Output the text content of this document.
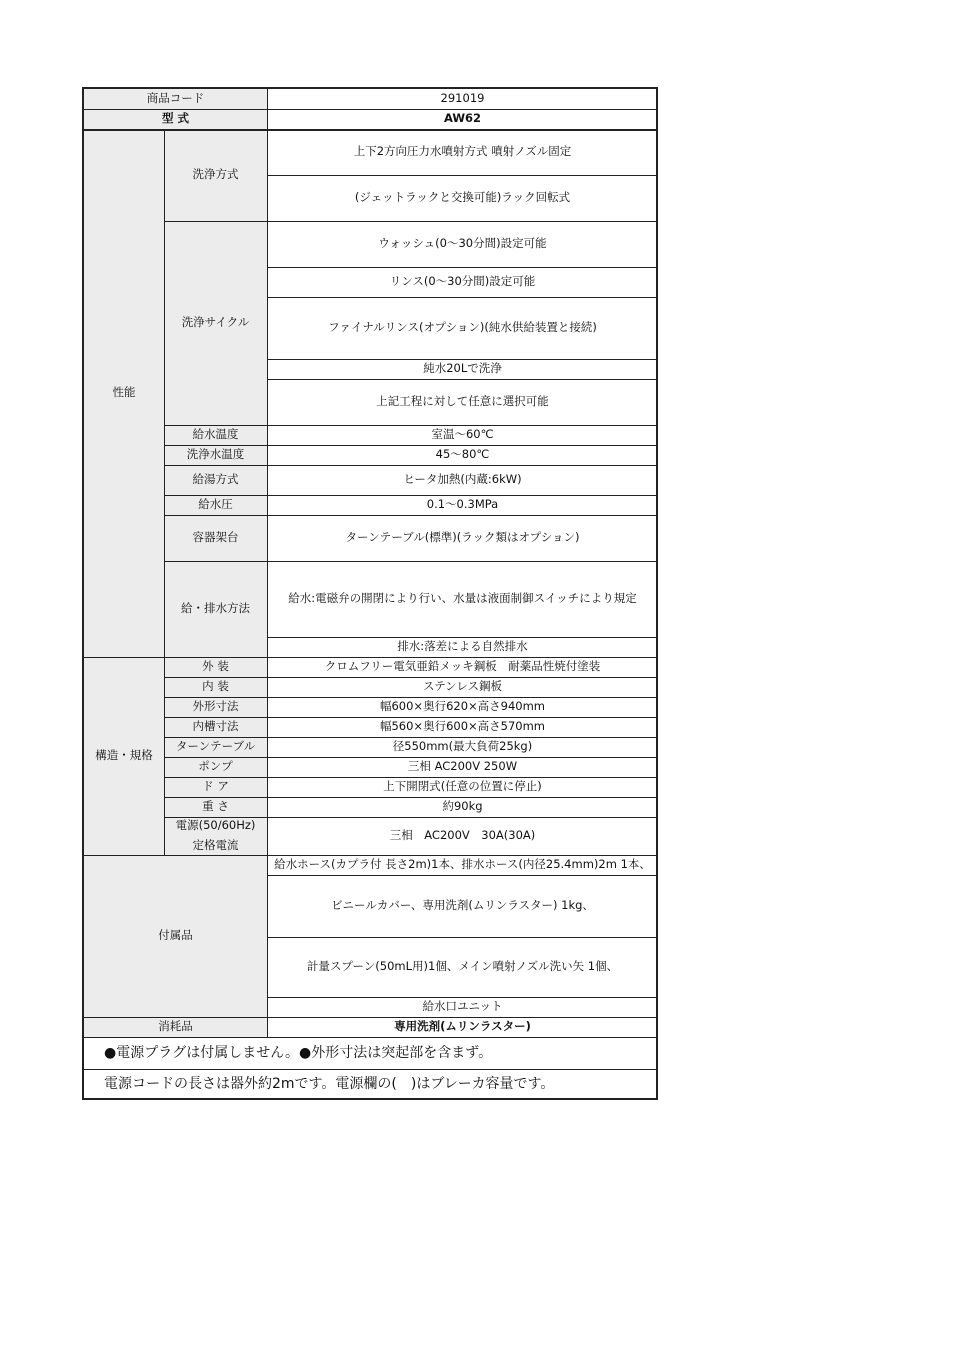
商品コード
型 式
性能
洗浄方式
洗浄サイクル
給水温度
洗浄水温度
給湯方式
給水圧
容器架台
給・排水方法
構造・規格
外 装
内 装
外形寸法
内槽寸法
ターンテーブル
ポンプ
ド ア
重 さ
電源(50/60Hz)
定格電流
付属品
消耗品
291019
AW62
上下2方向圧力水噴射方式 噴射ノズル固定
(ジェットラックと交換可能)ラック回転式
ウォッシュ(0～30分間)設定可能
リンス(0～30分間)設定可能
ファイナルリンス(オプション)(純水供給装置と接続)
純水20Lで洗浄
上記工程に対して任意に選択可能
室温～60℃
45～80℃
ヒータ加熱(内蔵:6kW)
0.1～0.3MPa
ターンテーブル(標準)(ラック類はオプション)
給水:電磁弁の開閉により行い、水量は液面制御スイッチにより規定
排水:落差による自然排水
クロムフリー電気亜鉛メッキ鋼板　耐薬品性焼付塗装
ステンレス鋼板
幅600×奥行620×高さ940mm
幅560×奥行600×高さ570mm
径550mm(最大負荷25kg)
三相 AC200V 250W
上下開閉式(任意の位置に停止)
約90kg
三相　AC200V　30A(30A)
給水ホース(カプラ付 長さ2m)1本、排水ホース(内径25.4mm)2m 1本、
ビニールカバー、専用洗剤(ムリンラスター) 1kg、
計量スプーン(50mL用)1個、メイン噴射ノズル洗い矢 1個、
給水口ユニット
専用洗剤(ムリンラスター)
●電源プラグは付属しません。●外形寸法は突起部を含まず。
電源コードの長さは器外約2mです。電源欄の(　)はブレーカ容量です。
